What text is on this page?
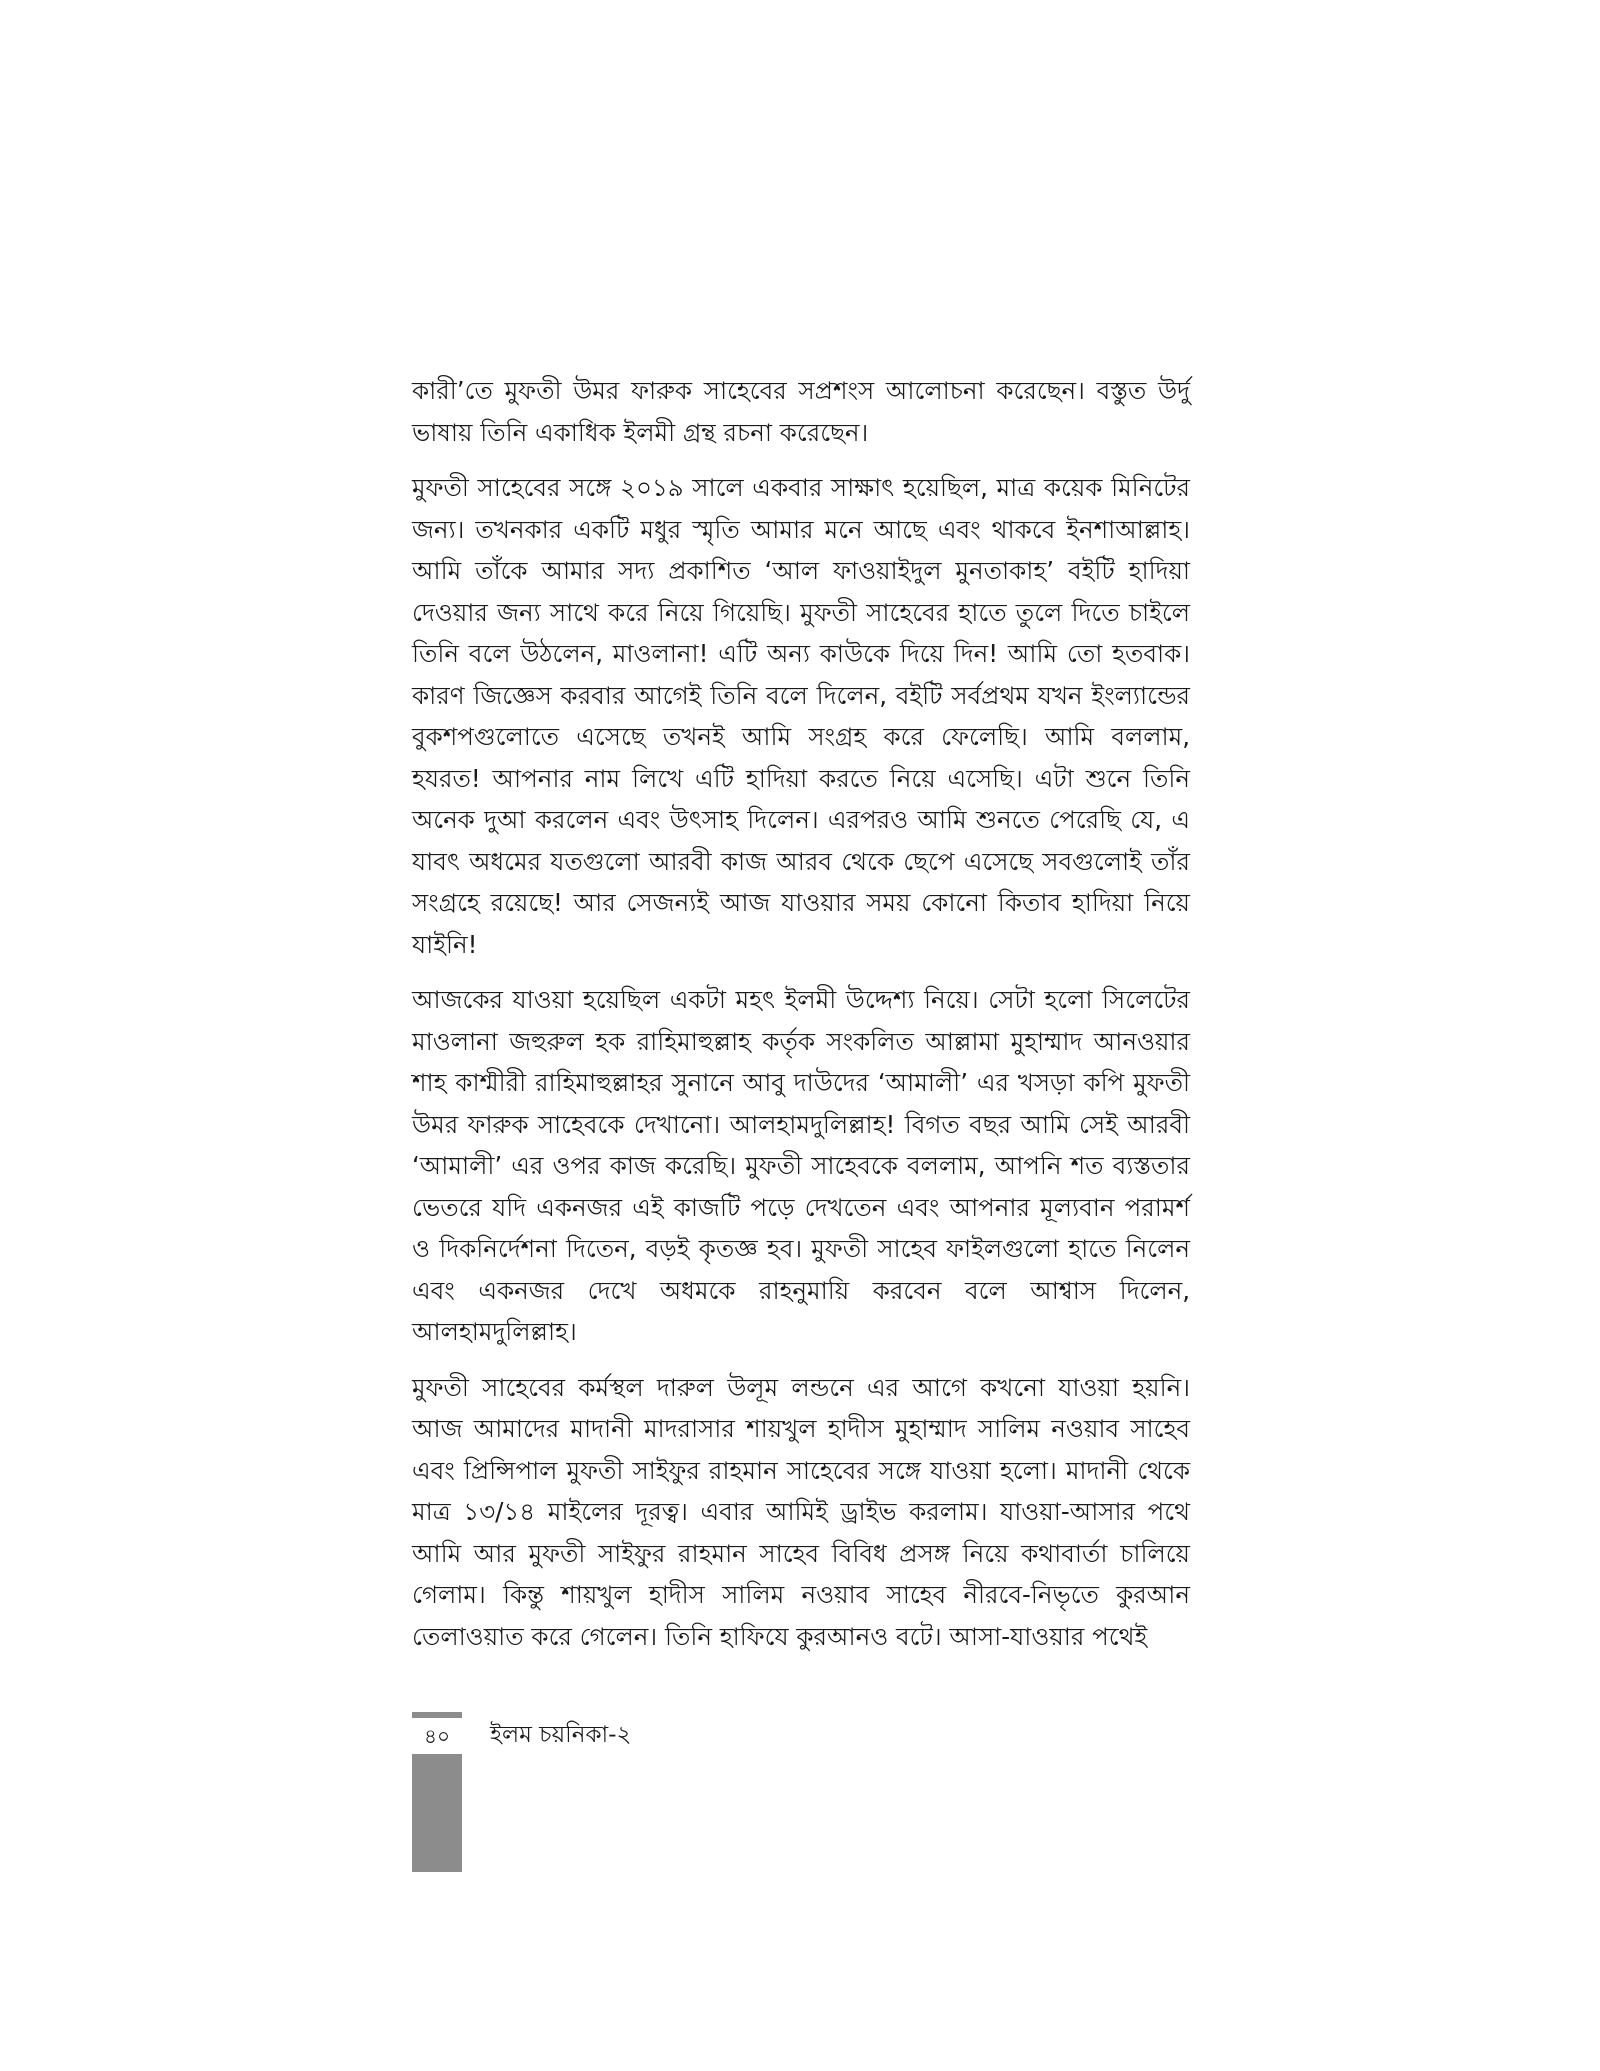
কারী’তে মুফতী উমর ফারুক সাহেবের সপ্রশংস আলোচনা করেছেন। বস্তুত উর্দু ভাষায় তিনি একাধিক ইলমী গ্রন্থ রচনা করেছেন।

মুফতী সাহেবের সঙ্গে ২০১৯ সালে একবার সাক্ষাৎ হয়েছিল, মাত্র কয়েক মিনিটের জন্য। তখনকার একটি মধুর স্মৃতি আমার মনে আছে এবং থাকবে ইনশাআল্লাহ। আমি তাঁকে আমার সদ্য প্রকাশিত ‘আল ফাওয়াইদুল মুনতাকাহ’ বইটি হাদিয়া দেওয়ার জন্য সাথে করে নিয়ে গিয়েছি। মুফতী সাহেবের হাতে তুলে দিতে চাইলে তিনি বলে উঠলেন, মাওলানা! এটি অন্য কাউকে দিয়ে দিন! আমি তো হতবাক। কারণ জিজ্ঞেস করবার আগেই তিনি বলে দিলেন, বইটি সর্বপ্রথম যখন ইংল্যান্ডের বুকশপগুলোতে এসেছে তখনই আমি সংগ্রহ করে ফেলেছি। আমি বললাম, হযরত! আপনার নাম লিখে এটি হাদিয়া করতে নিয়ে এসেছি। এটা শুনে তিনি অনেক দুআ করলেন এবং উৎসাহ দিলেন। এরপরও আমি শুনতে পেরেছি যে, এ যাবৎ অধমের যতগুলো আরবী কাজ আরব থেকে ছেপে এসেছে সবগুলোই তাঁর সংগ্রহে রয়েছে! আর সেজন্যই আজ যাওয়ার সময় কোনো কিতাব হাদিয়া নিয়ে যাইনি!

আজকের যাওয়া হয়েছিল একটা মহৎ ইলমী উদ্দেশ্য নিয়ে। সেটা হলো সিলেটের মাওলানা জহুরুল হক রাহিমাহুল্লাহ কর্তৃক সংকলিত আল্লামা মুহাম্মাদ আনওয়ার শাহ কাশ্মীরী রাহিমাহুল্লাহর সুনানে আবু দাউদের ‘আমালী’ এর খসড়া কপি মুফতী উমর ফারুক সাহেবকে দেখানো। আলহামদুলিল্লাহ! বিগত বছর আমি সেই আরবী ‘আমালী’ এর ওপর কাজ করেছি। মুফতী সাহেবকে বললাম, আপনি শত ব্যস্ততার ভেতরে যদি একনজর এই কাজটি পড়ে দেখতেন এবং আপনার মূল্যবান পরামর্শ ও দিকনির্দেশনা দিতেন, বড়ই কৃতজ্ঞ হব। মুফতী সাহেব ফাইলগুলো হাতে নিলেন এবং একনজর দেখে অধমকে রাহনুমায়ি করবেন বলে আশ্বাস দিলেন, আলহামদুলিল্লাহ।

মুফতী সাহেবের কর্মস্থল দারুল উলূম লন্ডনে এর আগে কখনো যাওয়া হয়নি। আজ আমাদের মাদানী মাদরাসার শায়খুল হাদীস মুহাম্মাদ সালিম নওয়াব সাহেব এবং প্রিন্সিপাল মুফতী সাইফুর রাহমান সাহেবের সঙ্গে যাওয়া হলো। মাদানী থেকে মাত্র ১৩/১৪ মাইলের দূরত্ব। এবার আমিই ড্রাইভ করলাম। যাওয়া-আসার পথে আমি আর মুফতী সাইফুর রাহমান সাহেব বিবিধ প্রসঙ্গ নিয়ে কথাবার্তা চালিয়ে গেলাম। কিন্তু শায়খুল হাদীস সালিম নওয়াব সাহেব নীরবে-নিভৃতে কুরআন তেলাওয়াত করে গেলেন। তিনি হাফিযে কুরআনও বটে। আসা-যাওয়ার পথেই

৪০	ইলম চয়নিকা-২
